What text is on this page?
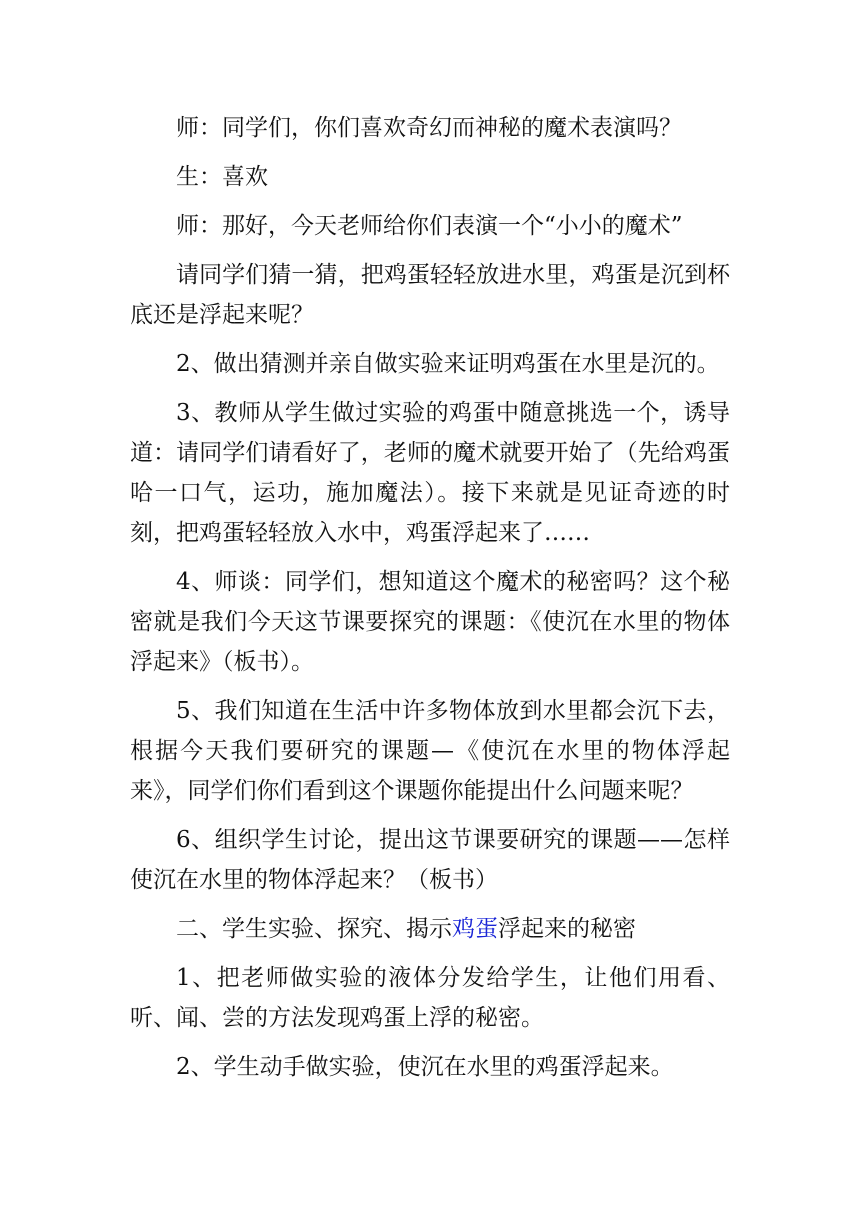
师：同学们，你们喜欢奇幻而神秘的魔术表演吗？

生：喜欢

师：那好，今天老师给你们表演一个“小小的魔术”

请同学们猜一猜，把鸡蛋轻轻放进水里，鸡蛋是沉到杯底还是浮起来呢？

2、做出猜测并亲自做实验来证明鸡蛋在水里是沉的。

3、教师从学生做过实验的鸡蛋中随意挑选一个，诱导道：请同学们请看好了，老师的魔术就要开始了（先给鸡蛋哈一口气，运功，施加魔法）。接下来就是见证奇迹的时刻，把鸡蛋轻轻放入水中，鸡蛋浮起来了……

4、师谈：同学们，想知道这个魔术的秘密吗？这个秘密就是我们今天这节课要探究的课题：《使沉在水里的物体浮起来》（板书）。

5、我们知道在生活中许多物体放到水里都会沉下去，根据今天我们要研究的课题—《使沉在水里的物体浮起来》，同学们你们看到这个课题你能提出什么问题来呢？

6、组织学生讨论，提出这节课要研究的课题——怎样使沉在水里的物体浮起来？（板书）

二、学生实验、探究、揭示鸡蛋浮起来的秘密

1、把老师做实验的液体分发给学生，让他们用看、听、闻、尝的方法发现鸡蛋上浮的秘密。

2、学生动手做实验，使沉在水里的鸡蛋浮起来。
